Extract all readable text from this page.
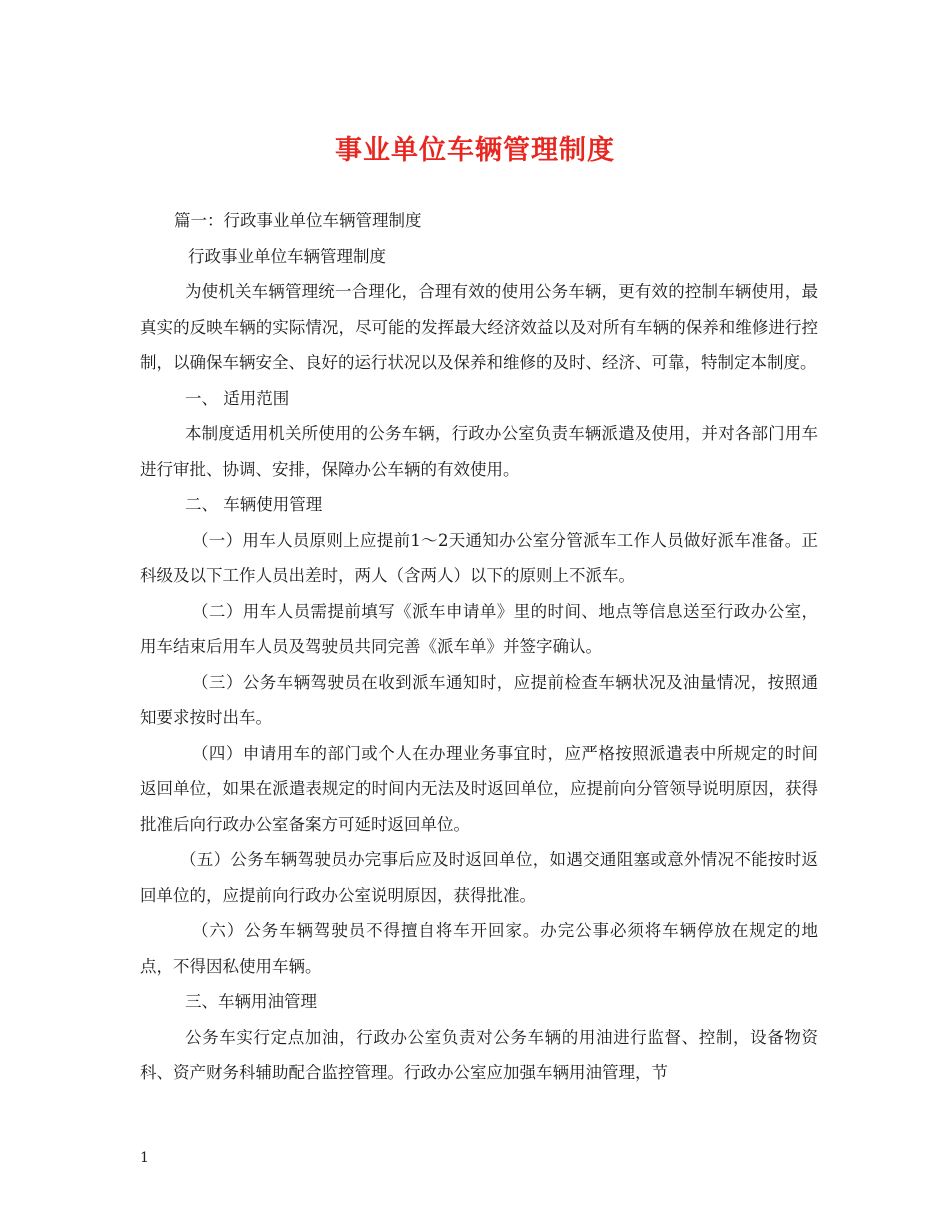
事业单位车辆管理制度

篇一：行政事业单位车辆管理制度

行政事业单位车辆管理制度

为使机关车辆管理统一合理化，合理有效的使用公务车辆，更有效的控制车辆使用，最真实的反映车辆的实际情况，尽可能的发挥最大经济效益以及对所有车辆的保养和维修进行控制，以确保车辆安全、良好的运行状况以及保养和维修的及时、经济、可靠，特制定本制度。

一、 适用范围

本制度适用机关所使用的公务车辆，行政办公室负责车辆派遣及使用，并对各部门用车进行审批、协调、安排，保障办公车辆的有效使用。

二、 车辆使用管理

（一）用车人员原则上应提前1～2天通知办公室分管派车工作人员做好派车准备。正科级及以下工作人员出差时，两人（含两人）以下的原则上不派车。

（二）用车人员需提前填写《派车申请单》里的时间、地点等信息送至行政办公室，用车结束后用车人员及驾驶员共同完善《派车单》并签字确认。

（三）公务车辆驾驶员在收到派车通知时，应提前检查车辆状况及油量情况，按照通知要求按时出车。

（四）申请用车的部门或个人在办理业务事宜时，应严格按照派遣表中所规定的时间返回单位，如果在派遣表规定的时间内无法及时返回单位，应提前向分管领导说明原因，获得批准后向行政办公室备案方可延时返回单位。

（五）公务车辆驾驶员办完事后应及时返回单位，如遇交通阻塞或意外情况不能按时返回单位的，应提前向行政办公室说明原因，获得批准。

（六）公务车辆驾驶员不得擅自将车开回家。办完公事必须将车辆停放在规定的地点，不得因私使用车辆。

三、车辆用油管理

公务车实行定点加油，行政办公室负责对公务车辆的用油进行监督、控制，设备物资科、资产财务科辅助配合监控管理。行政办公室应加强车辆用油管理，节

1
